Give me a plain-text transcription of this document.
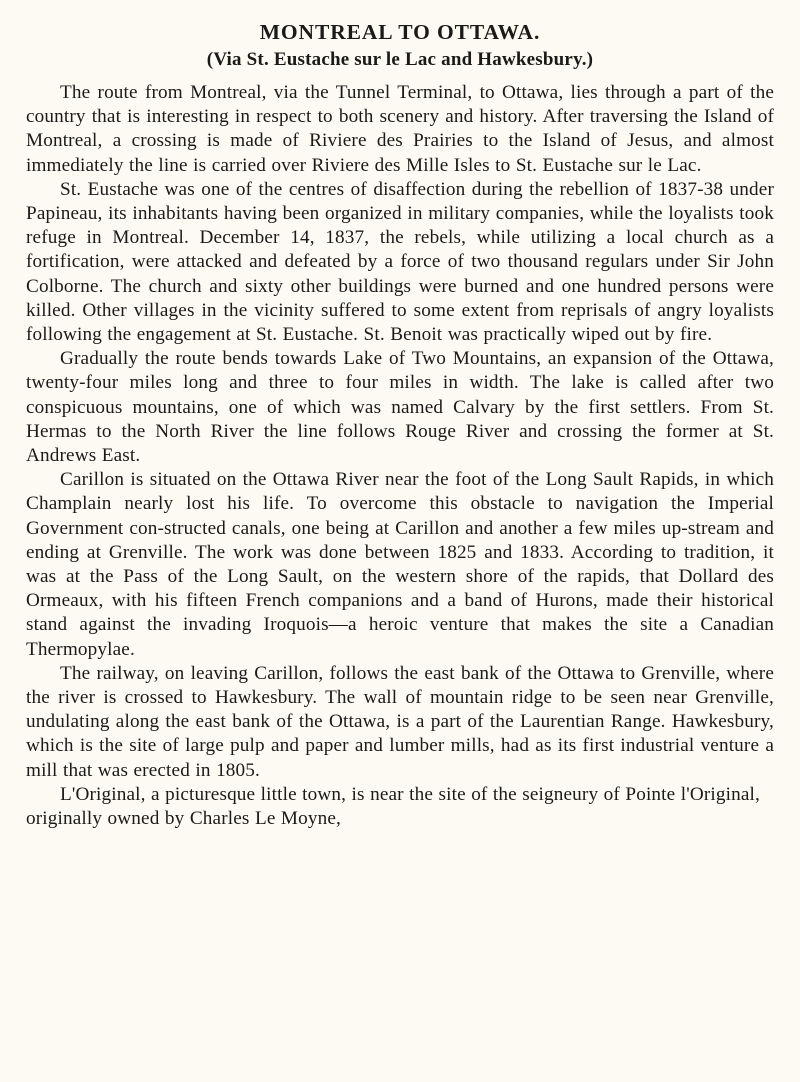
MONTREAL TO OTTAWA.
(Via St. Eustache sur le Lac and Hawkesbury.)

The route from Montreal, via the Tunnel Terminal, to Ottawa, lies through a part of the country that is interesting in respect to both scenery and history. After traversing the Island of Montreal, a crossing is made of Riviere des Prairies to the Island of Jesus, and almost immediately the line is carried over Riviere des Mille Isles to St. Eustache sur le Lac.

St. Eustache was one of the centres of disaffection during the rebellion of 1837-38 under Papineau, its inhabitants having been organized in military companies, while the loyalists took refuge in Montreal. December 14, 1837, the rebels, while utilizing a local church as a fortification, were attacked and defeated by a force of two thousand regulars under Sir John Colborne. The church and sixty other buildings were burned and one hundred persons were killed. Other villages in the vicinity suffered to some extent from reprisals of angry loyalists following the engagement at St. Eustache. St. Benoit was practically wiped out by fire.

Gradually the route bends towards Lake of Two Mountains, an expansion of the Ottawa, twenty-four miles long and three to four miles in width. The lake is called after two conspicuous mountains, one of which was named Calvary by the first settlers. From St. Hermas to the North River the line follows Rouge River and crossing the former at St. Andrews East.

Carillon is situated on the Ottawa River near the foot of the Long Sault Rapids, in which Champlain nearly lost his life. To overcome this obstacle to navigation the Imperial Government con-structed canals, one being at Carillon and another a few miles up-stream and ending at Grenville. The work was done between 1825 and 1833. According to tradition, it was at the Pass of the Long Sault, on the western shore of the rapids, that Dollard des Ormeaux, with his fifteen French companions and a band of Hurons, made their historical stand against the invading Iroquois—a heroic venture that makes the site a Canadian Thermopylae.

The railway, on leaving Carillon, follows the east bank of the Ottawa to Grenville, where the river is crossed to Hawkesbury. The wall of mountain ridge to be seen near Grenville, undulating along the east bank of the Ottawa, is a part of the Laurentian Range. Hawkesbury, which is the site of large pulp and paper and lumber mills, had as its first industrial venture a mill that was erected in 1805.

L'Original, a picturesque little town, is near the site of the seigneury of Pointe l'Original, originally owned by Charles Le Moyne,
